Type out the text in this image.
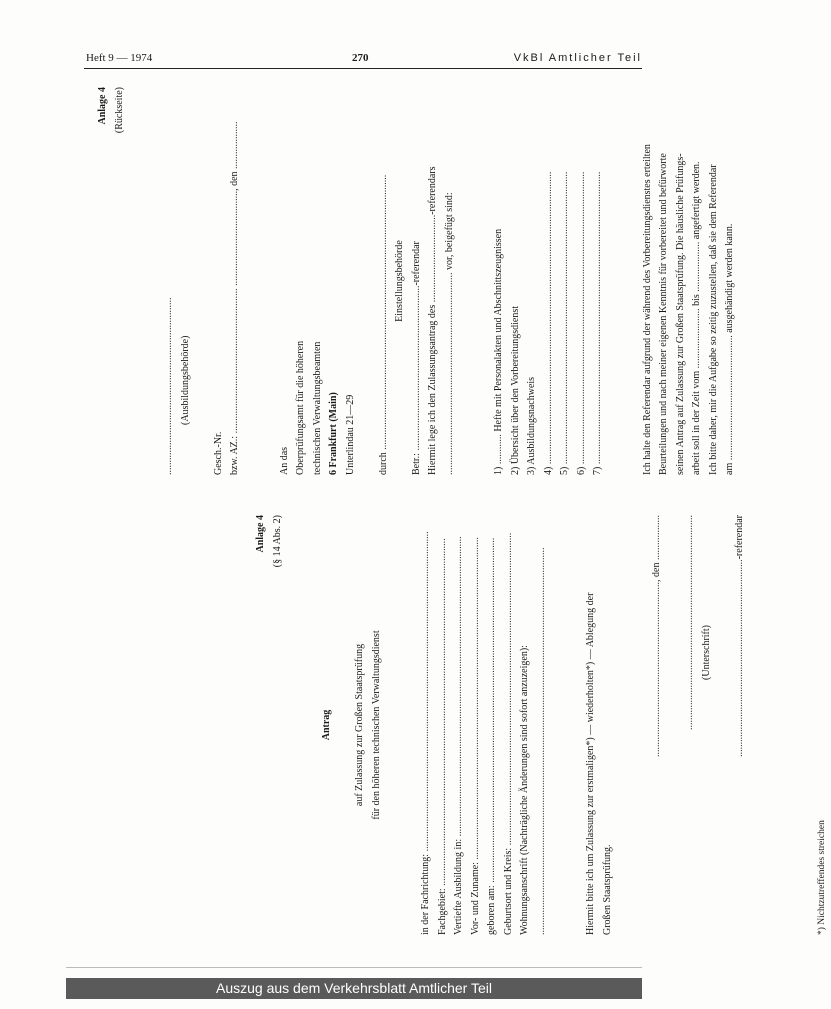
Heft 9 — 1974	270	VkBl Amtlicher Teil
Anlage 4 (§ 14 Abs. 2)
Antrag	auf Zulassung zur Großen Staatsprüfung für den höheren technischen Verwaltungsdienst	in der Fachrichtung: ................................................................................................................................ Fachgebiet: ........................................................................................................................................... Vertiefte Ausbildung in: ........................................................................................................................ Vor- und Zuname: ................................................................................................................................. geboren am: .......................................................................................................................................... Geburtsort und Kreis: ............................................................................................................................. Wohnungsanschrift (Nachträgliche Änderungen sind sofort anzuzeigen): ...........................................................................................................................................................	Hiermit bitte ich um Zulassung zur erstmaligen*) — wiederholten*) — Ablegung der Großen Staatsprüfung.
......................................................................, den ..................	...................................................................................... (Unterschrift)	...............................................................................-referendar
*) Nichtzutreffendes streichen
Anlage 4 (Rückseite)
....................................................................... (Ausbildungsbehörde)
Gesch.-Nr. bzw. AZ.: .......................................................... ......................................, den ...................	An das Oberprüfungsamt für die höheren technischen Verwaltungsbeamten 6 Frankfurt (Main) Unterlindau 21—29	durch .............................................................................................................. Einstellungsbehörde Betr.: ..................................................................-referendar Hiermit lege ich den Zulassungsantrag des ...................................-referendars ................................................................................. vor, beigefügt sind:	1) ............ Hefte mit Personalakten und Abschnittszeugnissen 2) Übersicht über den Vorbereitungsdienst 3) Ausbildungsnachweis 4) ..................................................................................................................... 5) ..................................................................................................................... 6) ..................................................................................................................... 7) .....................................................................................................................	Ich halte den Referendar aufgrund der während des Vorbereitungsdienstes erteilten Beurteilungen und nach meiner eigenen Kenntnis für vorbereitet und befürworte seinen Antrag auf Zulassung zur Großen Staatsprüfung. Die häusliche Prüfungs- arbeit soll in der Zeit vom ........................ bis .................... angefertigt werden. Ich bitte daher, mir die Aufgabe so zeitig zuzustellen, daß sie dem Referendar am .................................................. ausgehändigt werden kann.
Auszug aus dem Verkehrsblatt Amtlicher Teil
